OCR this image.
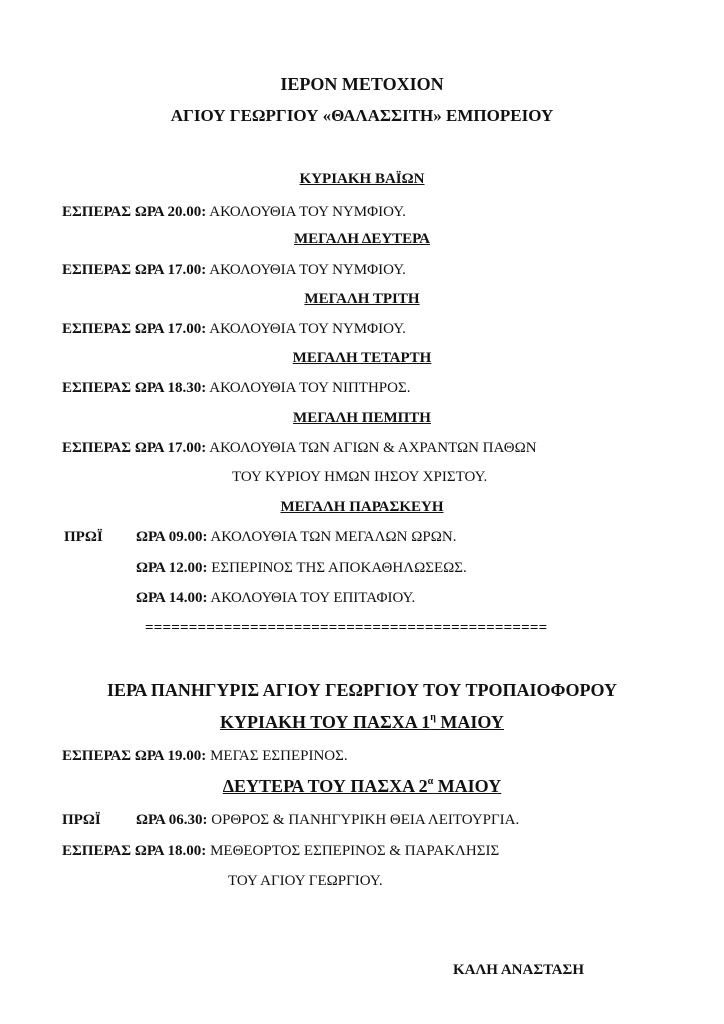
ΙΕΡΟΝ ΜΕΤΟΧΙΟΝ
ΑΓΙΟΥ ΓΕΩΡΓΙΟΥ «ΘΑΛΑΣΣΙΤΗ» ΕΜΠΟΡΕΙΟΥ
ΚΥΡΙΑΚΗ ΒΑΪΩΝ
ΕΣΠΕΡΑΣ ΩΡΑ 20.00: ΑΚΟΛΟΥΘΙΑ ΤΟΥ ΝΥΜΦΙΟΥ.
ΜΕΓΑΛΗ ΔΕΥΤΕΡΑ
ΕΣΠΕΡΑΣ ΩΡΑ 17.00: ΑΚΟΛΟΥΘΙΑ ΤΟΥ ΝΥΜΦΙΟΥ.
ΜΕΓΑΛΗ ΤΡΙΤΗ
ΕΣΠΕΡΑΣ ΩΡΑ 17.00: ΑΚΟΛΟΥΘΙΑ ΤΟΥ ΝΥΜΦΙΟΥ.
ΜΕΓΑΛΗ ΤΕΤΑΡΤΗ
ΕΣΠΕΡΑΣ ΩΡΑ 18.30: ΑΚΟΛΟΥΘΙΑ ΤΟΥ ΝΙΠΤΗΡΟΣ.
ΜΕΓΑΛΗ ΠΕΜΠΤΗ
ΕΣΠΕΡΑΣ ΩΡΑ 17.00: ΑΚΟΛΟΥΘΙΑ ΤΩΝ ΑΓΙΩΝ & ΑΧΡΑΝΤΩΝ ΠΑΘΩΝ
ΤΟΥ ΚΥΡΙΟΥ ΗΜΩΝ ΙΗΣΟΥ ΧΡΙΣΤΟΥ.
ΜΕΓΑΛΗ ΠΑΡΑΣΚΕΥΗ
ΠΡΩΪ ΩΡΑ 09.00: ΑΚΟΛΟΥΘΙΑ ΤΩΝ ΜΕΓΑΛΩΝ ΩΡΩΝ.
ΩΡΑ 12.00: ΕΣΠΕΡΙΝΟΣ ΤΗΣ ΑΠΟΚΑΘΗΛΩΣΕΩΣ.
ΩΡΑ 14.00: ΑΚΟΛΟΥΘΙΑ ΤΟΥ ΕΠΙΤΑΦΙΟΥ.
==============================================
ΙΕΡΑ ΠΑΝΗΓΥΡΙΣ ΑΓΙΟΥ ΓΕΩΡΓΙΟΥ ΤΟΥ ΤΡΟΠΑΙΟΦΟΡΟΥ
ΚΥΡΙΑΚΗ ΤΟΥ ΠΑΣΧΑ $1^\eta$ ΜΑΙΟΥ
ΕΣΠΕΡΑΣ ΩΡΑ 19.00: ΜΕΓΑΣ ΕΣΠΕΡΙΝΟΣ.
ΔΕΥΤΕΡΑ ΤΟΥ ΠΑΣΧΑ $2^\alpha$ ΜΑΙΟΥ
ΠΡΩΪ ΩΡΑ 06.30: ΟΡΘΡΟΣ & ΠΑΝΗΓΥΡΙΚΗ ΘΕΙΑ ΛΕΙΤΟΥΡΓΙΑ.
ΕΣΠΕΡΑΣ ΩΡΑ 18.00: ΜΕΘΕΟΡΤΟΣ ΕΣΠΕΡΙΝΟΣ & ΠΑΡΑΚΛΗΣΙΣ
ΤΟΥ ΑΓΙΟΥ ΓΕΩΡΓΙΟΥ.
ΚΑΛΗ ΑΝΑΣΤΑΣΗ
